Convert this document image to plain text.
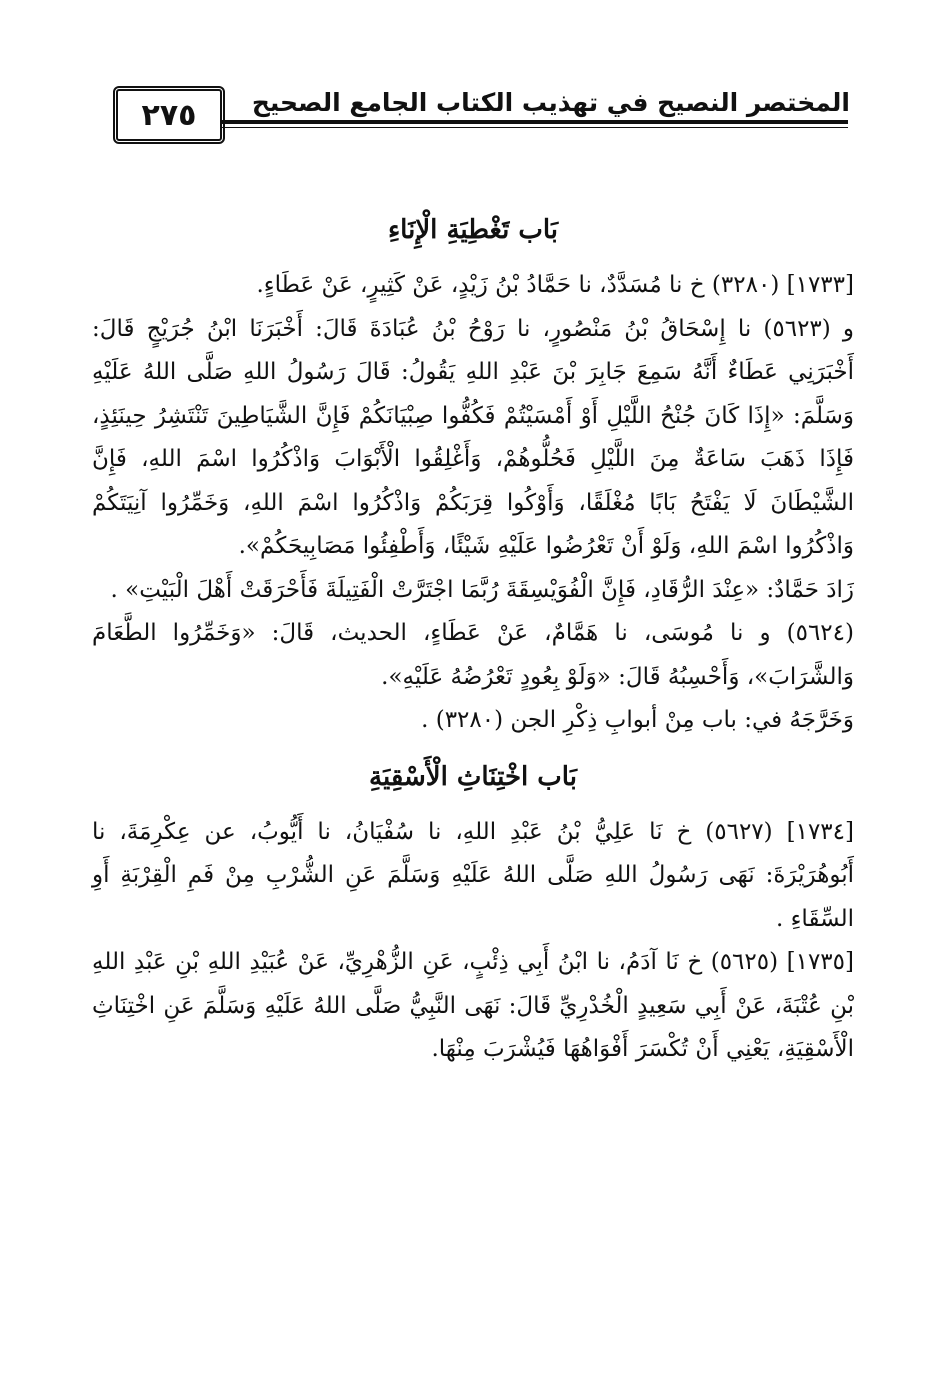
المختصر النصيح في تهذيب الكتاب الجامع الصحيح
٢٧٥

بَاب تَغْطِيَةِ الْإِنَاءِ

[١٧٣٣] (٣٢٨٠) خ نا مُسَدَّدٌ، نا حَمَّادُ بْنُ زَيْدٍ، عَنْ كَثِيرٍ، عَنْ عَطَاءٍ.

و (٥٦٢٣) نا إِسْحَاقُ بْنُ مَنْصُورٍ، نا رَوْحُ بْنُ عُبَادَةَ قَالَ: أَخْبَرَنَا ابْنُ جُرَيْجٍ قَالَ: أَخْبَرَنِي عَطَاءٌ أَنَّهُ سَمِعَ جَابِرَ بْنَ عَبْدِ اللهِ يَقُولُ: قَالَ رَسُولُ اللهِ صَلَّى اللهُ عَلَيْهِ وَسَلَّمَ: «إِذَا كَانَ جُنْحُ اللَّيْلِ أَوْ أَمْسَيْتُمْ فَكُفُّوا صِبْيَانَكُمْ فَإِنَّ الشَّيَاطِينَ تَنْتَشِرُ حِينَئِذٍ، فَإِذَا ذَهَبَ سَاعَةٌ مِنَ اللَّيْلِ فَحُلُّوهُمْ، وَأَغْلِقُوا الْأَبْوَابَ وَاذْكُرُوا اسْمَ اللهِ، فَإِنَّ الشَّيْطَانَ لَا يَفْتَحُ بَابًا مُغْلَقًا، وَأَوْكُوا قِرَبَكُمْ وَاذْكُرُوا اسْمَ اللهِ، وَخَمِّرُوا آنِيَتَكُمْ وَاذْكُرُوا اسْمَ اللهِ، وَلَوْ أَنْ تَعْرُضُوا عَلَيْهِ شَيْئًا، وَأَطْفِئُوا مَصَابِيحَكُمْ».

زَادَ حَمَّادٌ: «عِنْدَ الرُّقَادِ، فَإِنَّ الْفُوَيْسِقَةَ رُبَّمَا اجْتَرَّتْ الْفَتِيلَةَ فَأَحْرَقَتْ أَهْلَ الْبَيْتِ» .

(٥٦٢٤) و نا مُوسَى، نا هَمَّامٌ، عَنْ عَطَاءٍ، الحديث، قَالَ: «وَخَمِّرُوا الطَّعَامَ وَالشَّرَابَ»، وَأَحْسِبُهُ قَالَ: «وَلَوْ بِعُودٍ تَعْرُضُهُ عَلَيْهِ».

وَخَرَّجَهُ في: باب مِنْ أبوابِ ذِكْرِ الجن (٣٢٨٠) .

بَاب اخْتِنَاثِ الْأَسْقِيَةِ

[١٧٣٤] (٥٦٢٧) خ نَا عَلِيُّ بْنُ عَبْدِ اللهِ، نا سُفْيَانُ، نا أَيُّوبُ، عن عِكْرِمَةَ، نا أَبُوهُرَيْرَةَ: نَهَى رَسُولُ اللهِ صَلَّى اللهُ عَلَيْهِ وَسَلَّمَ عَنِ الشُّرْبِ مِنْ فَمِ الْقِرْبَةِ أَوِ السِّقَاءِ .

[١٧٣٥] (٥٦٢٥) خ نَا آدَمُ، نا ابْنُ أَبِي ذِئْبٍ، عَنِ الزُّهْرِيِّ، عَنْ عُبَيْدِ اللهِ بْنِ عَبْدِ اللهِ بْنِ عُتْبَةَ، عَنْ أَبِي سَعِيدٍ الْخُدْرِيِّ قَالَ: نَهَى النَّبِيُّ صَلَّى اللهُ عَلَيْهِ وَسَلَّمَ عَنِ اخْتِنَاثِ الْأَسْقِيَةِ، يَعْنِي أَنْ تُكْسَرَ أَفْوَاهُهَا فَيُشْرَبَ مِنْهَا.
